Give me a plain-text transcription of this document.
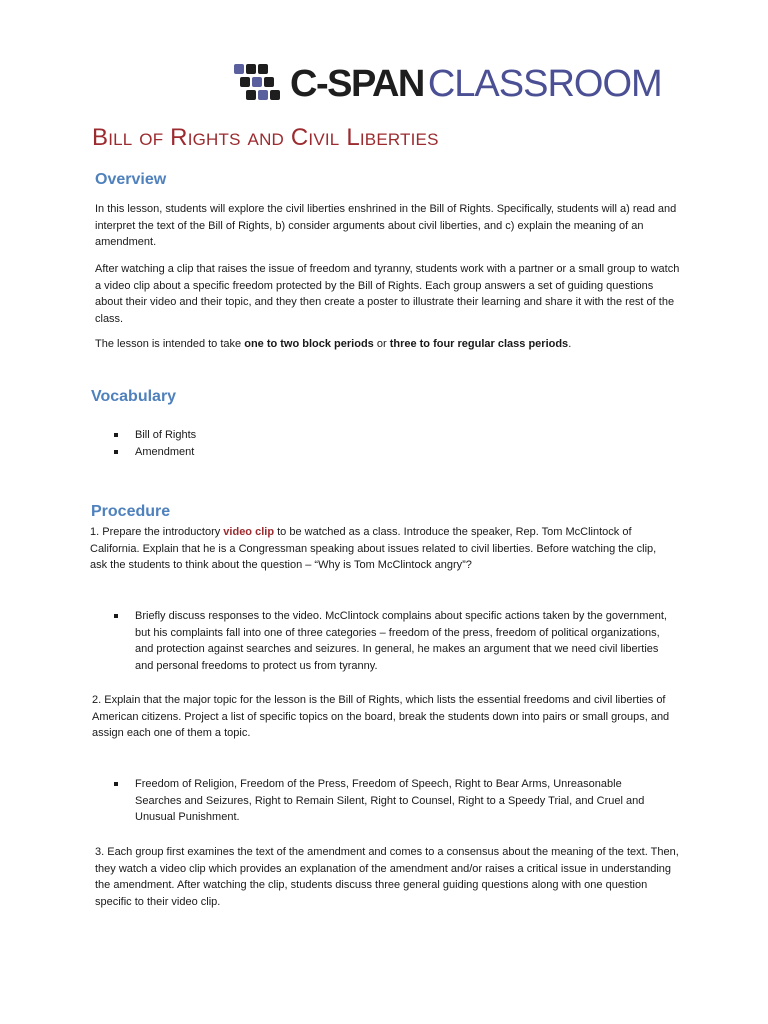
C-SPAN CLASSROOM
Bill of Rights and Civil Liberties
Overview

In this lesson, students will explore the civil liberties enshrined in the Bill of Rights. Specifically, students will a) read and interpret the text of the Bill of Rights, b) consider arguments about civil liberties, and c) explain the meaning of an amendment.

After watching a clip that raises the issue of freedom and tyranny, students work with a partner or a small group to watch a video clip about a specific freedom protected by the Bill of Rights. Each group answers a set of guiding questions about their video and their topic, and they then create a poster to illustrate their learning and share it with the rest of the class.

The lesson is intended to take one to two block periods or three to four regular class periods.

Vocabulary
Bill of Rights
Amendment
Procedure

1. Prepare the introductory video clip to be watched as a class. Introduce the speaker, Rep. Tom McClintock of California. Explain that he is a Congressman speaking about issues related to civil liberties. Before watching the clip, ask the students to think about the question – “Why is Tom McClintock angry”?

Briefly discuss responses to the video. McClintock complains about specific actions taken by the government, but his complaints fall into one of three categories – freedom of the press, freedom of political organizations, and protection against searches and seizures. In general, he makes an argument that we need civil liberties and personal freedoms to protect us from tyranny.

2. Explain that the major topic for the lesson is the Bill of Rights, which lists the essential freedoms and civil liberties of American citizens. Project a list of specific topics on the board, break the students down into pairs or small groups, and assign each one of them a topic.

Freedom of Religion, Freedom of the Press, Freedom of Speech, Right to Bear Arms, Unreasonable Searches and Seizures, Right to Remain Silent, Right to Counsel, Right to a Speedy Trial, and Cruel and Unusual Punishment.

3. Each group first examines the text of the amendment and comes to a consensus about the meaning of the text. Then, they watch a video clip which provides an explanation of the amendment and/or raises a critical issue in understanding the amendment. After watching the clip, students discuss three general guiding questions along with one question specific to their video clip.
